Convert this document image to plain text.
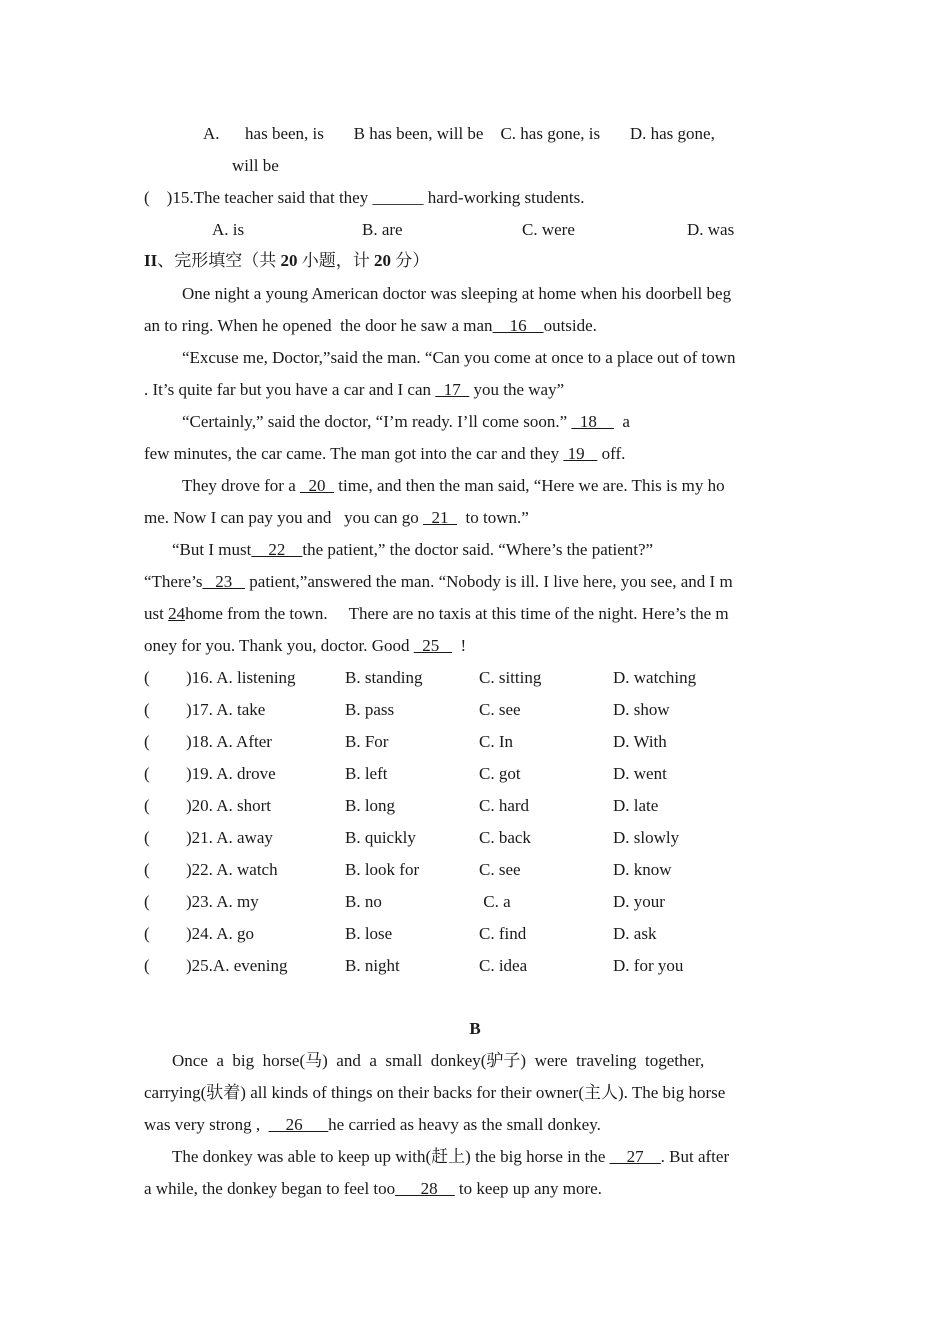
A. has been, is B has been, will be C. has gone, is D. has gone,
will be
(    )15.The teacher said that they ______ hard-working students.
A. is	B. are	C. were	D. was
II、完形填空（共 20 小题，计 20 分）
One night a young American doctor was sleeping at home when his doorbell beg
an to ring. When he opened  the door he saw a man    16    outside.
“Excuse me, Doctor,”said the man. “Can you come at once to a place out of town
. It’s quite far but you have a car and I can   17   you the way”
“Certainly,” said the doctor, “I’m ready. I’ll come soon.”   18      a
few minutes, the car came. The man got into the car and they  19    off.
They drove for a   20   time, and then the man said, “Here we are. This is my ho
me. Now I can pay you and   you can go   21    to town.”
“But I must    22    the patient,” the doctor said. “Where’s the patient?”
“There’s   23    patient,”answered the man. “Nobody is ill. I live here, you see, and I m
ust 24home from the town.     There are no taxis at this time of the night. Here’s the m
oney for you. Thank you, doctor. Good   25     !
( )16. A. listening	B. standing	C. sitting	D. watching
( )17. A. take	B. pass	C. see	D. show
( )18. A. After	B. For	C. In	D. With
( )19. A. drove	B. left	C. got	D. went
( )20. A. short	B. long	C. hard	D. late
( )21. A. away	B. quickly	C. back	D. slowly
( )22. A. watch	B. look for	C. see	D. know
( )23. A. my	B. no	C. a	D. your
( )24. A. go	B. lose	C. find	D. ask
( )25.A. evening	B. night	C. idea	D. for you
B
Once  a  big  horse(马)  and  a  small  donkey(驴子)  were  traveling  together,
carrying(驮着) all kinds of things on their backs for their owner(主人). The big horse
was very strong ,  __26___he carried as heavy as the small donkey.
The donkey was able to keep up with(赶上) the big horse in the __27__. But after
a while, the donkey began to feel too___28__ to keep up any more.
